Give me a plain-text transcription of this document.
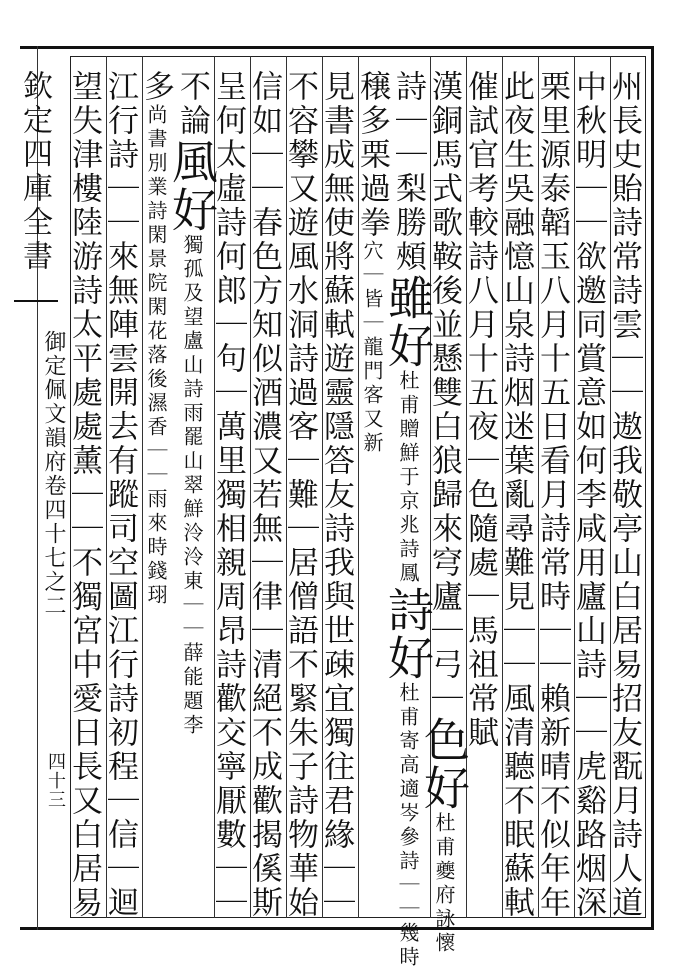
欽定四庫全書
御定佩文韻府卷四十七之二
四十三	州長史貽詩常詩雲｜｜遨我敬亭山白居易招友翫月詩人道
中秋明｜｜欲邀同賞意如何李咸用廬山詩｜｜虎谿路烟深
栗里源泰韜玉八月十五日看月詩常時｜｜賴新晴不似年年
此夜生吳融憶山泉詩烟迷葉亂尋難見｜｜風清聽不眠蘇軾
催試官考較詩八月十五夜｜色隨處｜馬祖常賦
漢銅馬式歌鞍後並懸雙白狼歸來穹廬｜弓｜色好杜甫夔府詠懷
詩｜｜梨勝頰雖好杜甫贈鮮于京兆詩鳳詩好杜甫寄高適岑參詩｜｜幾時
穣多栗過拳穴｜皆｜龍門客又新
見書成無使將蘇軾遊靈隱答友詩我與世疎宜獨往君緣｜｜
不容攀又遊風水洞詩過客｜難｜居僧語不緊朱子詩物華始
信如｜｜春色方知似酒濃又若無｜律｜清絕不成歡揭傒斯
呈何太虛詩何郎｜句｜萬里獨相親周昂詩歡交寧厭數｜｜
不論風好獨孤及望盧山詩雨罷山翠鮮泠泠東｜｜薛能題李
多尚書別業詩閑景院閑花落後濕香｜｜雨來時錢珝
江行詩｜｜來無陣雲開去有蹤司空圖江行詩初程｜信｜迴
望失津樓陸游詩太平處處薰｜｜不獨宮中愛日長又白居易
